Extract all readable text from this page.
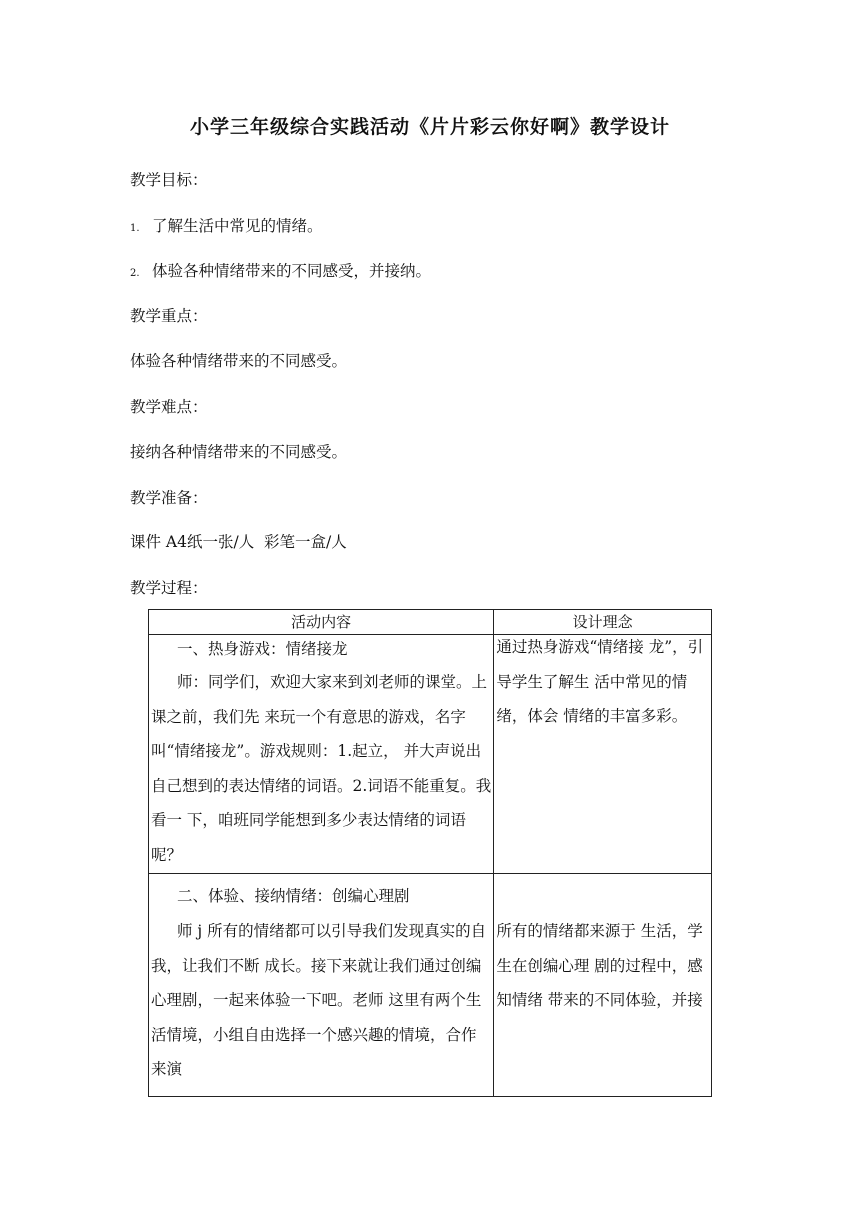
小学三年级综合实践活动《片片彩云你好啊》教学设计
教学目标：
1. 了解生活中常见的情绪。
2. 体验各种情绪带来的不同感受，并接纳。
教学重点：
体验各种情绪带来的不同感受。
教学难点：
接纳各种情绪带来的不同感受。
教学准备：
课件 A4纸一张/人  彩笔一盒/人
教学过程：
活动内容	设计理念

一、热身游戏：情绪接龙
师：同学们，欢迎大家来到刘老师的课堂。上课之前，我们先 来玩一个有意思的游戏，名字叫“情绪接龙”。游戏规则：1.起立， 并大声说出自己想到的表达情绪的词语。2.词语不能重复。我看一 下，咱班同学能想到多少表达情绪的词语呢？	通过热身游戏“情绪接 龙”，引导学生了解生 活中常见的情绪，体会 情绪的丰富多彩。

二、体验、接纳情绪：创编心理剧
师 j 所有的情绪都可以引导我们发现真实的自我，让我们不断 成长。接下来就让我们通过创编心理剧，一起来体验一下吧。老师 这里有两个生活情境，小组自由选择一个感兴趣的情境，合作来演	所有的情绪都来源于 生活，学生在创编心理 剧的过程中，感知情绪 带来的不同体验，并接
